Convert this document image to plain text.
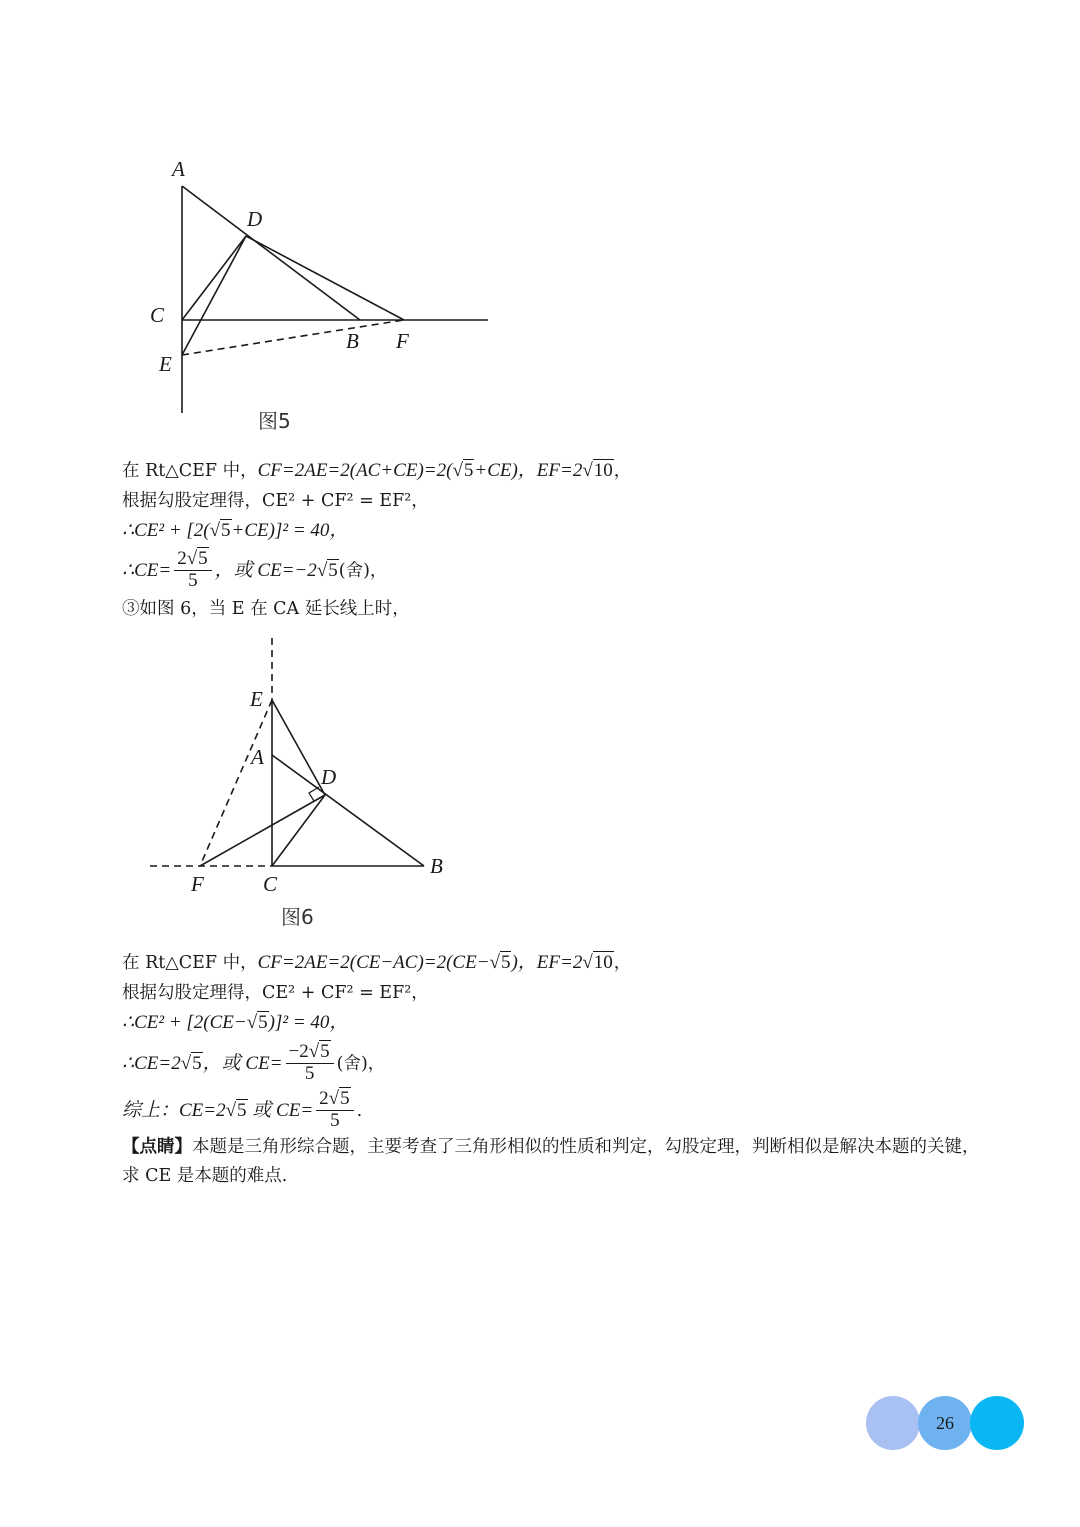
A
D
C
E
B F
图5
在 Rt△CEF 中，CF=2AE=2(AC+CE)=2(√5+CE)，EF=2√10，
根据勾股定理得，CE² + CF² = EF²，
∴CE² + [2(√5+CE)]² = 40，
∴CE= $\frac{2√5}{5}$ ，或 CE=−2√5(舍)，
③如图 6，当 E 在 CA 延长线上时，
E
A
D
B
F	C
图6
在 Rt△CEF 中，CF=2AE=2(CE−AC)=2(CE−√5)，EF=2√10，
根据勾股定理得，CE² + CF² = EF²，
∴CE² + [2(CE−√5)]² = 40，
∴CE=2√5，或 $CE= \frac{-2√5}{5}$ (舍)，
综上：CE=2√5 或 $CE= \frac{2√5}{5}$ .
【点睛】本题是三角形综合题，主要考查了三角形相似的性质和判定，勾股定理，判断相似是解决本题的关键，求 CE 是本题的难点.
26
